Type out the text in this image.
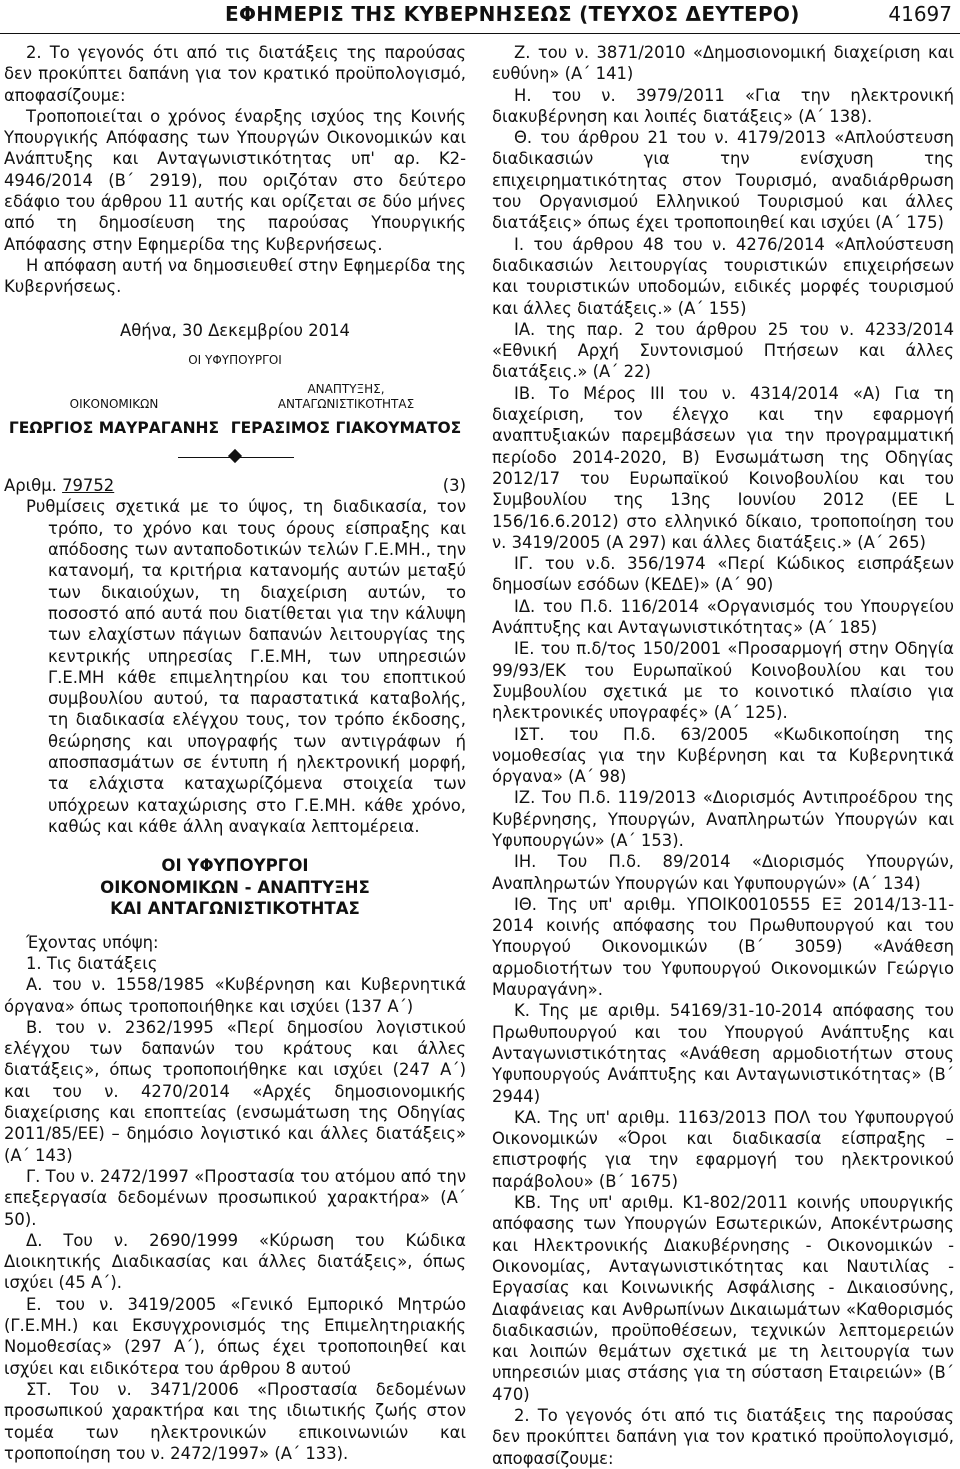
ΕΦΗΜΕΡΙΣ ΤΗΣ ΚΥΒΕΡΝΗΣΕΩΣ (ΤΕΥΧΟΣ ΔΕΥΤΕΡΟ)	41697

2. Το γεγονός ότι από τις διατάξεις της παρούσας δεν προκύπτει δαπάνη για τον κρατικό προϋπολογισμό, αποφασίζουμε:

Τροποποιείται ο χρόνος έναρξης ισχύος της Κοινής Υπουργικής Απόφασης των Υπουργών Οικονομικών και Ανάπτυξης και Ανταγωνιστικότητας υπ' αρ. Κ2-4946/2014 (Β΄ 2919), που οριζόταν στο δεύτερο εδάφιο του άρθρου 11 αυτής και ορίζεται σε δύο μήνες από τη δημοσίευση της παρούσας Υπουργικής Απόφασης στην Εφημερίδα της Κυβερνήσεως.

Η απόφαση αυτή να δημοσιευθεί στην Εφημερίδα της Κυβερνήσεως.

Αθήνα, 30 Δεκεμβρίου 2014

ΟΙ ΥΦΥΠΟΥΡΓΟΙ

ΟΙΚΟΝΟΜΙΚΩΝ
ΑΝΑΠΤΥΞΗΣ,
ΑΝΤΑΓΩΝΙΣΤΙΚΟΤΗΤΑΣ
ΓΕΩΡΓΙΟΣ ΜΑΥΡΑΓΑΝΗΣ ΓΕΡΑΣΙΜΟΣ ΓΙΑΚΟΥΜΑΤΟΣ
Αριθμ. 79752	(3)

Ρυθμίσεις σχετικά με το ύψος, τη διαδικασία, τον τρόπο, το χρόνο και τους όρους είσπραξης και απόδοσης των ανταποδοτικών τελών Γ.Ε.ΜΗ., την κατανομή, τα κριτήρια κατανομής αυτών μεταξύ των δικαιούχων, τη διαχείριση αυτών, το ποσοστό από αυτά που διατίθεται για την κάλυψη των ελαχίστων πάγιων δαπανών λειτουργίας της κεντρικής υπηρεσίας Γ.Ε.ΜΗ, των υπηρεσιών Γ.Ε.ΜΗ κάθε επιμελητηρίου και του εποπτικού συμβουλίου αυτού, τα παραστατικά καταβολής, τη διαδικασία ελέγχου τους, τον τρόπο έκδοσης, θεώρησης και υπογραφής των αντιγράφων ή αποσπασμάτων σε έντυπη ή ηλεκτρονική μορφή, τα ελάχιστα καταχωρίζόμενα στοιχεία των υπόχρεων καταχώρισης στο Γ.Ε.ΜΗ. κάθε χρόνο, καθώς και κάθε άλλη αναγκαία λεπτομέρεια.

ΟΙ ΥΦΥΠΟΥΡΓΟΙ
ΟΙΚΟΝΟΜΙΚΩΝ - ΑΝΑΠΤΥΞΗΣ
ΚΑΙ ΑΝΤΑΓΩΝΙΣΤΙΚΟΤΗΤΑΣ

Έχοντας υπόψη:

1. Τις διατάξεις

Α. του ν. 1558/1985 «Κυβέρνηση και Κυβερνητικά όργανα» όπως τροποποιήθηκε και ισχύει (137 Α΄)

Β. του ν. 2362/1995 «Περί δημοσίου λογιστικού ελέγχου των δαπανών του κράτους και άλλες διατάξεις», όπως τροποποιήθηκε και ισχύει (247 Α΄) και του ν. 4270/2014 «Αρχές δημοσιονομικής διαχείρισης και εποπτείας (ενσωμάτωση της Οδηγίας 2011/85/ΕΕ) – δημόσιο λογιστικό και άλλες διατάξεις» (Α΄ 143)

Γ. Του ν. 2472/1997 «Προστασία του ατόμου από την επεξεργασία δεδομένων προσωπικού χαρακτήρα» (Α΄ 50).

Δ. Του ν. 2690/1999 «Κύρωση του Κώδικα Διοικητικής Διαδικασίας και άλλες διατάξεις», όπως ισχύει (45 Α΄).

Ε. του ν. 3419/2005 «Γενικό Εμπορικό Μητρώο (Γ.Ε.ΜΗ.) και Εκσυγχρονισμός της Επιμελητηριακής Νομοθεσίας» (297 Α΄), όπως έχει τροποποιηθεί και ισχύει και ειδικότερα του άρθρου 8 αυτού

ΣΤ. Του ν. 3471/2006 «Προστασία δεδομένων προσωπικού χαρακτήρα και της ιδιωτικής ζωής στον τομέα των ηλεκτρονικών επικοινωνιών και τροποποίηση του ν. 2472/1997» (Α΄ 133).

Ζ. του ν. 3871/2010 «Δημοσιονομική διαχείριση και ευθύνη» (Α΄ 141)

Η. του ν. 3979/2011 «Για την ηλεκτρονική διακυβέρνηση και λοιπές διατάξεις» (Α΄ 138).

Θ. του άρθρου 21 του ν. 4179/2013 «Απλούστευση διαδικασιών για την ενίσχυση της επιχειρηματικότητας στον Τουρισμό, αναδιάρθρωση του Οργανισμού Ελληνικού Τουρισμού και άλλες διατάξεις» όπως έχει τροποποιηθεί και ισχύει (Α΄ 175)

Ι. του άρθρου 48 του ν. 4276/2014 «Απλούστευση διαδικασιών λειτουργίας τουριστικών επιχειρήσεων και τουριστικών υποδομών, ειδικές μορφές τουρισμού και άλλες διατάξεις.» (Α΄ 155)

ΙΑ. της παρ. 2 του άρθρου 25 του ν. 4233/2014 «Εθνική Αρχή Συντονισμού Πτήσεων και άλλες διατάξεις.» (Α΄ 22)

ΙΒ. Το Μέρος ΙΙΙ του ν. 4314/2014 «Α) Για τη διαχείριση, τον έλεγχο και την εφαρμογή αναπτυξιακών παρεμβάσεων για την προγραμματική περίοδο 2014-2020, Β) Ενσωμάτωση της Οδηγίας 2012/17 του Ευρωπαϊκού Κοινοβουλίου και του Συμβουλίου της 13ης Ιουνίου 2012 (ΕΕ L 156/16.6.2012) στο ελληνικό δίκαιο, τροποποίηση του ν. 3419/2005 (Α 297) και άλλες διατάξεις.» (Α΄ 265)

ΙΓ. του ν.δ. 356/1974 «Περί Κώδικος εισπράξεων δημοσίων εσόδων (ΚΕΔΕ)» (Α΄ 90)

ΙΔ. του Π.δ. 116/2014 «Οργανισμός του Υπουργείου Ανάπτυξης και Ανταγωνιστικότητας» (Α΄ 185)

ΙΕ. του π.δ/τος 150/2001 «Προσαρμογή στην Οδηγία 99/93/ΕΚ του Ευρωπαϊκού Κοινοβουλίου και του Συμβουλίου σχετικά με το κοινοτικό πλαίσιο για ηλεκτρονικές υπογραφές» (Α΄ 125).

ΙΣΤ. του Π.δ. 63/2005 «Κωδικοποίηση της νομοθεσίας για την Κυβέρνηση και τα Κυβερνητικά όργανα» (Α΄ 98)

ΙΖ. Του Π.δ. 119/2013 «Διορισμός Αντιπροέδρου της Κυβέρνησης, Υπουργών, Αναπληρωτών Υπουργών και Υφυπουργών» (Α΄ 153).

ΙΗ. Του Π.δ. 89/2014 «Διορισμός Υπουργών, Αναπληρωτών Υπουργών και Υφυπουργών» (Α΄ 134)

ΙΘ. Της υπ' αριθμ. ΥΠΟΙΚ0010555 ΕΞ 2014/13-11-2014 κοινής απόφασης του Πρωθυπουργού και του Υπουργού Οικονομικών (Β΄ 3059) «Ανάθεση αρμοδιοτήτων του Υφυπουργού Οικονομικών Γεώργιο Μαυραγάνη».

Κ. Της με αριθμ. 54169/31-10-2014 απόφασης του Πρωθυπουργού και του Υπουργού Ανάπτυξης και Ανταγωνιστικότητας «Ανάθεση αρμοδιοτήτων στους Υφυπουργούς Ανάπτυξης και Ανταγωνιστικότητας» (Β΄ 2944)

ΚΑ. Της υπ' αριθμ. 1163/2013 ΠΟΛ του Υφυπουργού Οικονομικών «Όροι και διαδικασία είσπραξης – επιστροφής για την εφαρμογή του ηλεκτρονικού παράβολου» (Β΄ 1675)

ΚΒ. Της υπ' αριθμ. Κ1-802/2011 κοινής υπουργικής απόφασης των Υπουργών Εσωτερικών, Αποκέντρωσης και Ηλεκτρονικής Διακυβέρνησης - Οικονομικών - Οικονομίας, Ανταγωνιστικότητας και Ναυτιλίας - Εργασίας και Κοινωνικής Ασφάλισης - Δικαιοσύνης, Διαφάνειας και Ανθρωπίνων Δικαιωμάτων «Καθορισμός διαδικασιών, προϋποθέσεων, τεχνικών λεπτομερειών και λοιπών θεμάτων σχετικά με τη λειτουργία των υπηρεσιών μιας στάσης για τη σύσταση Εταιρειών» (Β΄ 470)

2. Το γεγονός ότι από τις διατάξεις της παρούσας δεν προκύπτει δαπάνη για τον κρατικό προϋπολογισμό, αποφασίζουμε:
